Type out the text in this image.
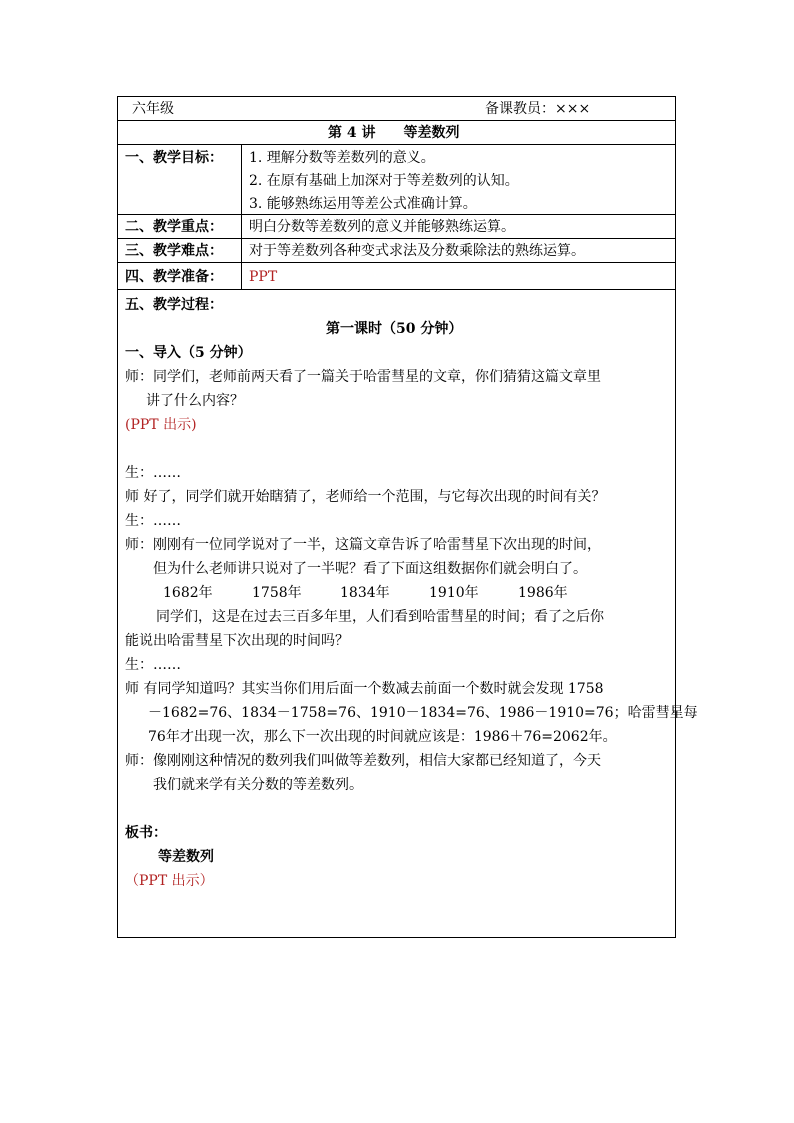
六年级	备课教员：×××
第 4 讲　　等差数列
一、教学目标： 1. 理解分数等差数列的意义。
2. 在原有基础上加深对于等差数列的认知。
3. 能够熟练运用等差公式准确计算。
二、教学重点： 明白分数等差数列的意义并能够熟练运算。
三、教学难点： 对于等差数列各种变式求法及分数乘除法的熟练运算。
四、教学准备： PPT
五、教学过程：
第一课时（50 分钟）
一、导入（5 分钟）
师：同学们，老师前两天看了一篇关于哈雷彗星的文章，你们猜猜这篇文章里
讲了什么内容？
(PPT 出示)
生：……
师 好了，同学们就开始瞎猜了，老师给一个范围，与它每次出现的时间有关？
生：……
师：刚刚有一位同学说对了一半，这篇文章告诉了哈雷彗星下次出现的时间，
但为什么老师讲只说对了一半呢？看了下面这组数据你们就会明白了。
1682年	1758年	1834年	1910年	1986年
同学们，这是在过去三百多年里，人们看到哈雷彗星的时间；看了之后你
能说出哈雷彗星下次出现的时间吗？
生：……
师 有同学知道吗？其实当你们用后面一个数减去前面一个数时就会发现 1758
－1682=76、1834－1758=76、1910－1834=76、1986－1910=76；哈雷彗星每
76年才出现一次，那么下一次出现的时间就应该是：1986＋76=2062年。
师：像刚刚这种情况的数列我们叫做等差数列，相信大家都已经知道了，今天
我们就来学有关分数的等差数列。
板书：
等差数列
（PPT 出示）
